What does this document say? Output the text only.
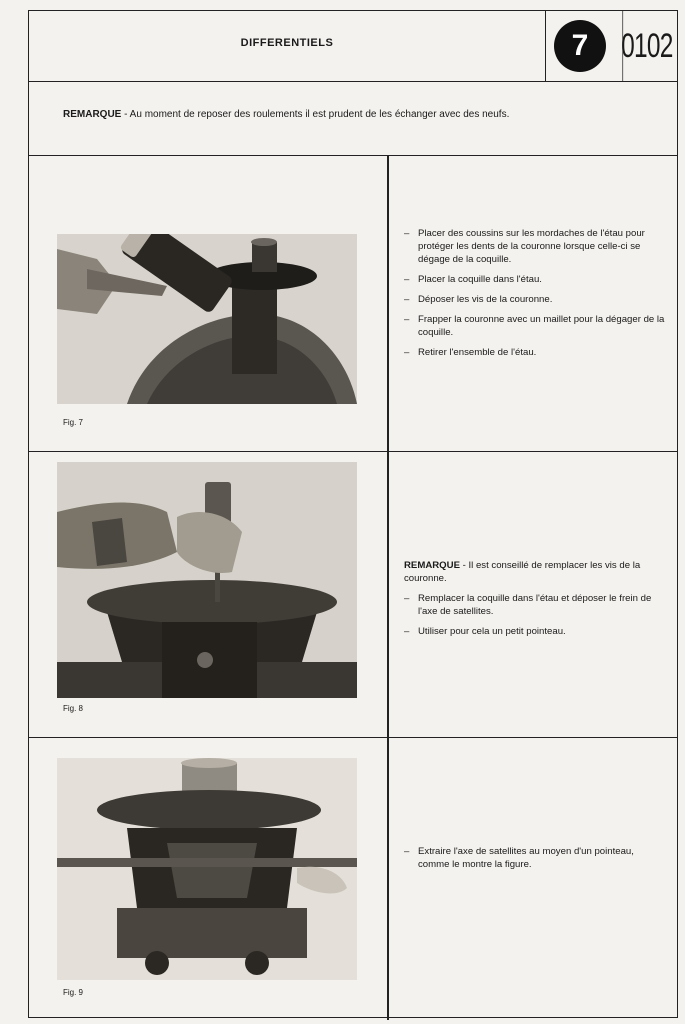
DIFFERENTIELS	7 0102
REMARQUE - Au moment de reposer des roulements il est prudent de les échanger avec des neufs.
Fig. 7
– Placer des coussins sur les mordaches de l'étau pour protéger les dents de la couronne lorsque celle-ci se dégage de la coquille.
– Placer la coquille dans l'étau.
– Déposer les vis de la couronne.
– Frapper la couronne avec un maillet pour la dégager de la coquille.
– Retirer l'ensemble de l'étau.
Fig. 8
REMARQUE - Il est conseillé de remplacer les vis de la couronne.
– Remplacer la coquille dans l'étau et déposer le frein de l'axe de satellites.
– Utiliser pour cela un petit pointeau.
Fig. 9
– Extraire l'axe de satellites au moyen d'un pointeau, comme le montre la figure.
